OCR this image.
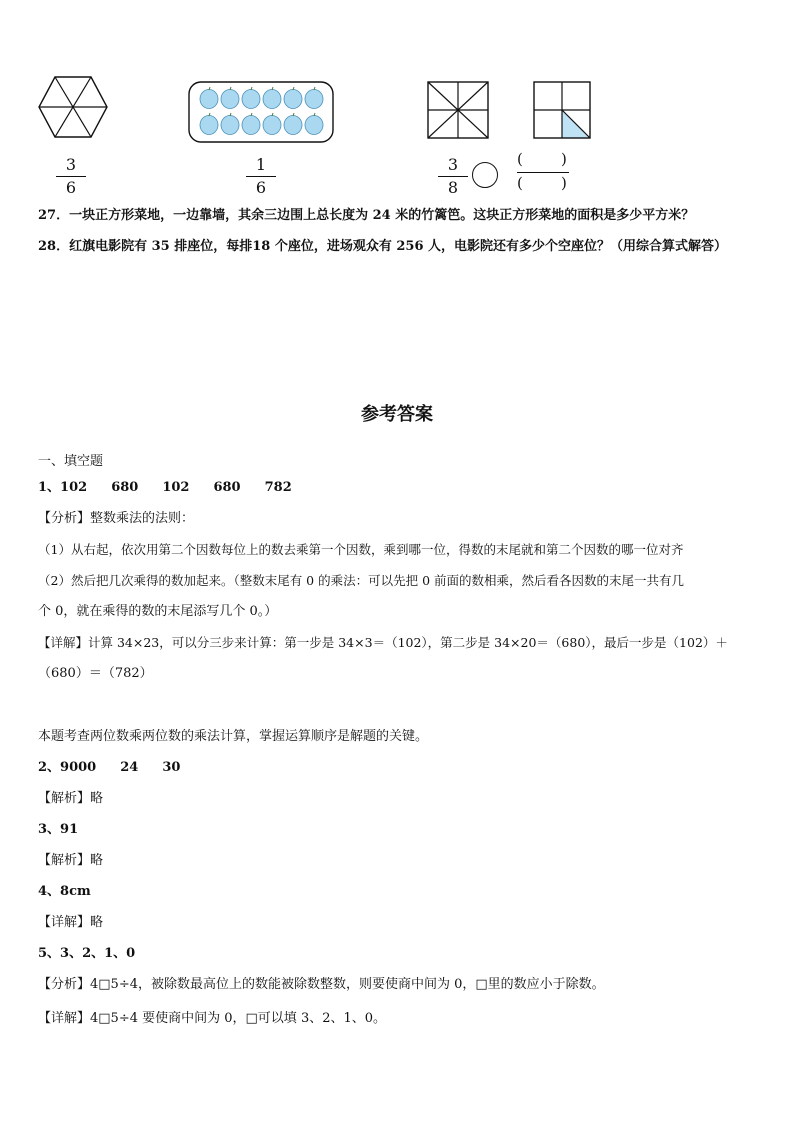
3
6
1
6
3
8
(	)
(	)
27．一块正方形菜地，一边靠墙，其余三边围上总长度为 24 米的竹篱笆。这块正方形菜地的面积是多少平方米？
28．红旗电影院有 35 排座位，每排18 个座位，进场观众有 256 人，电影院还有多少个空座位？（用综合算式解答）
参考答案
一、填空题
1、102 680 102 680 782
【分析】整数乘法的法则：
（1）从右起，依次用第二个因数每位上的数去乘第一个因数，乘到哪一位，得数的末尾就和第二个因数的哪一位对齐
（2）然后把几次乘得的数加起来。（整数末尾有 0 的乘法：可以先把 0 前面的数相乘，然后看各因数的末尾一共有几
个 0，就在乘得的数的末尾添写几个 0。）
【详解】计算 34×23，可以分三步来计算：第一步是 34×3＝（102），第二步是 34×20＝（680），最后一步是（102）＋
（680）＝（782）
本题考查两位数乘两位数的乘法计算，掌握运算顺序是解题的关键。
2、9000 24 30
【解析】略
3、91
【解析】略
4、8cm
【详解】略
5、3、2、1、0
【分析】4□5÷4，被除数最高位上的数能被除数整数，则要使商中间为 0，□里的数应小于除数。
【详解】4□5÷4 要使商中间为 0，□可以填 3、2、1、0。
